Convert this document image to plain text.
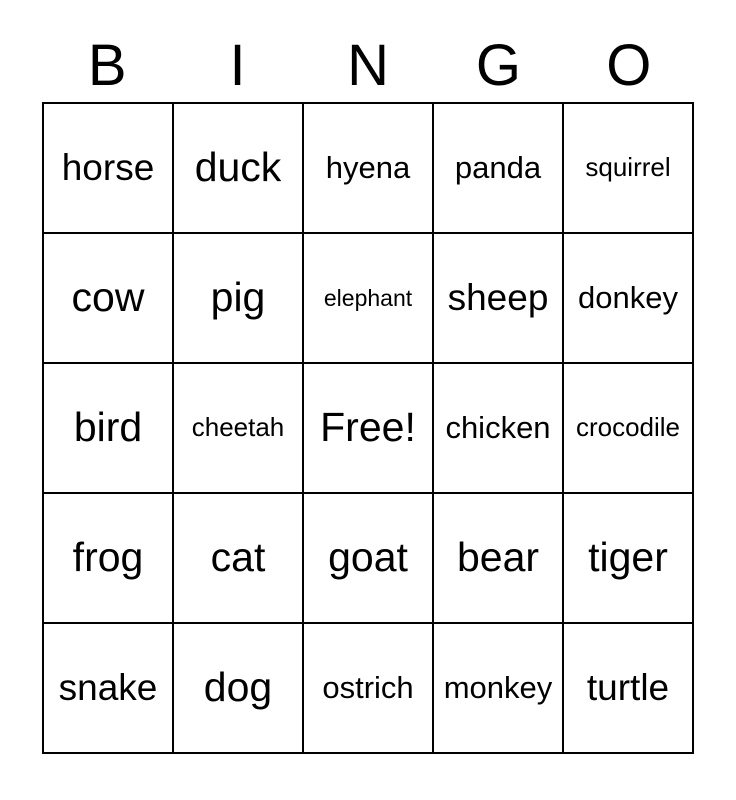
B	I	N	G	O
horse duck hyena panda squirrel
cow pig	elephant sheep donkey
bird cheetah Free! chicken crocodile
frog cat goat bear tiger
snake dog ostrich monkey turtle
